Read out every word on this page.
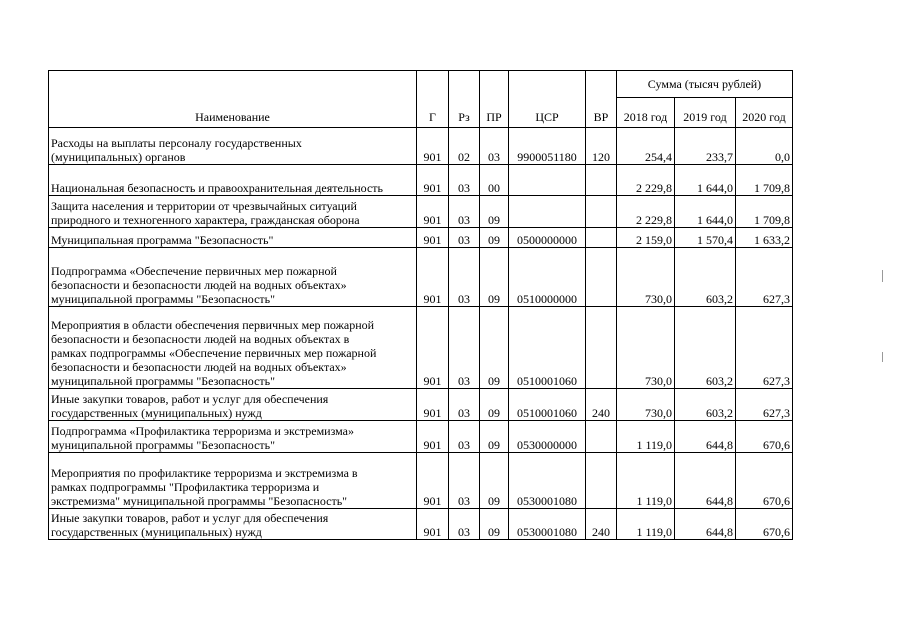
Наименование	Г	Рз	ПР	ЦСР	ВР	Сумма (тысяч рублей)		
						2018 год	2019 год	2020 год
Расходы на выплаты персоналу государственных
(муниципальных) органов	901	02	03	9900051180	120	254,4	233,7	0,0
Национальная безопасность и правоохранительная деятельность	901	03	00			2 229,8	1 644,0	1 709,8
Защита населения и территории от чрезвычайных ситуаций
природного и техногенного характера, гражданская оборона	901	03	09			2 229,8	1 644,0	1 709,8
Муниципальная программа "Безопасность"	901	03	09	0500000000		2 159,0	1 570,4	1 633,2
Подпрограмма «Обеспечение первичных мер пожарной
безопасности и безопасности людей на водных объектах»
муниципальной программы "Безопасность"	901	03	09	0510000000		730,0	603,2	627,3
Мероприятия в области обеспечения первичных мер пожарной
безопасности и безопасности людей на водных объектах в
рамках подпрограммы «Обеспечение первичных мер пожарной
безопасности и безопасности людей на водных объектах»
муниципальной программы "Безопасность"	901	03	09	0510001060		730,0	603,2	627,3
Иные закупки товаров, работ и услуг для обеспечения
государственных (муниципальных) нужд	901	03	09	0510001060	240	730,0	603,2	627,3
Подпрограмма «Профилактика терроризма и экстремизма»
муниципальной программы "Безопасность"	901	03	09	0530000000		1 119,0	644,8	670,6
Мероприятия по профилактике терроризма и экстремизма в
рамках подпрограммы "Профилактика терроризма и
экстремизма" муниципальной программы "Безопасность"	901	03	09	0530001080		1 119,0	644,8	670,6
Иные закупки товаров, работ и услуг для обеспечения
государственных (муниципальных) нужд	901	03	09	0530001080	240	1 119,0	644,8	670,6
